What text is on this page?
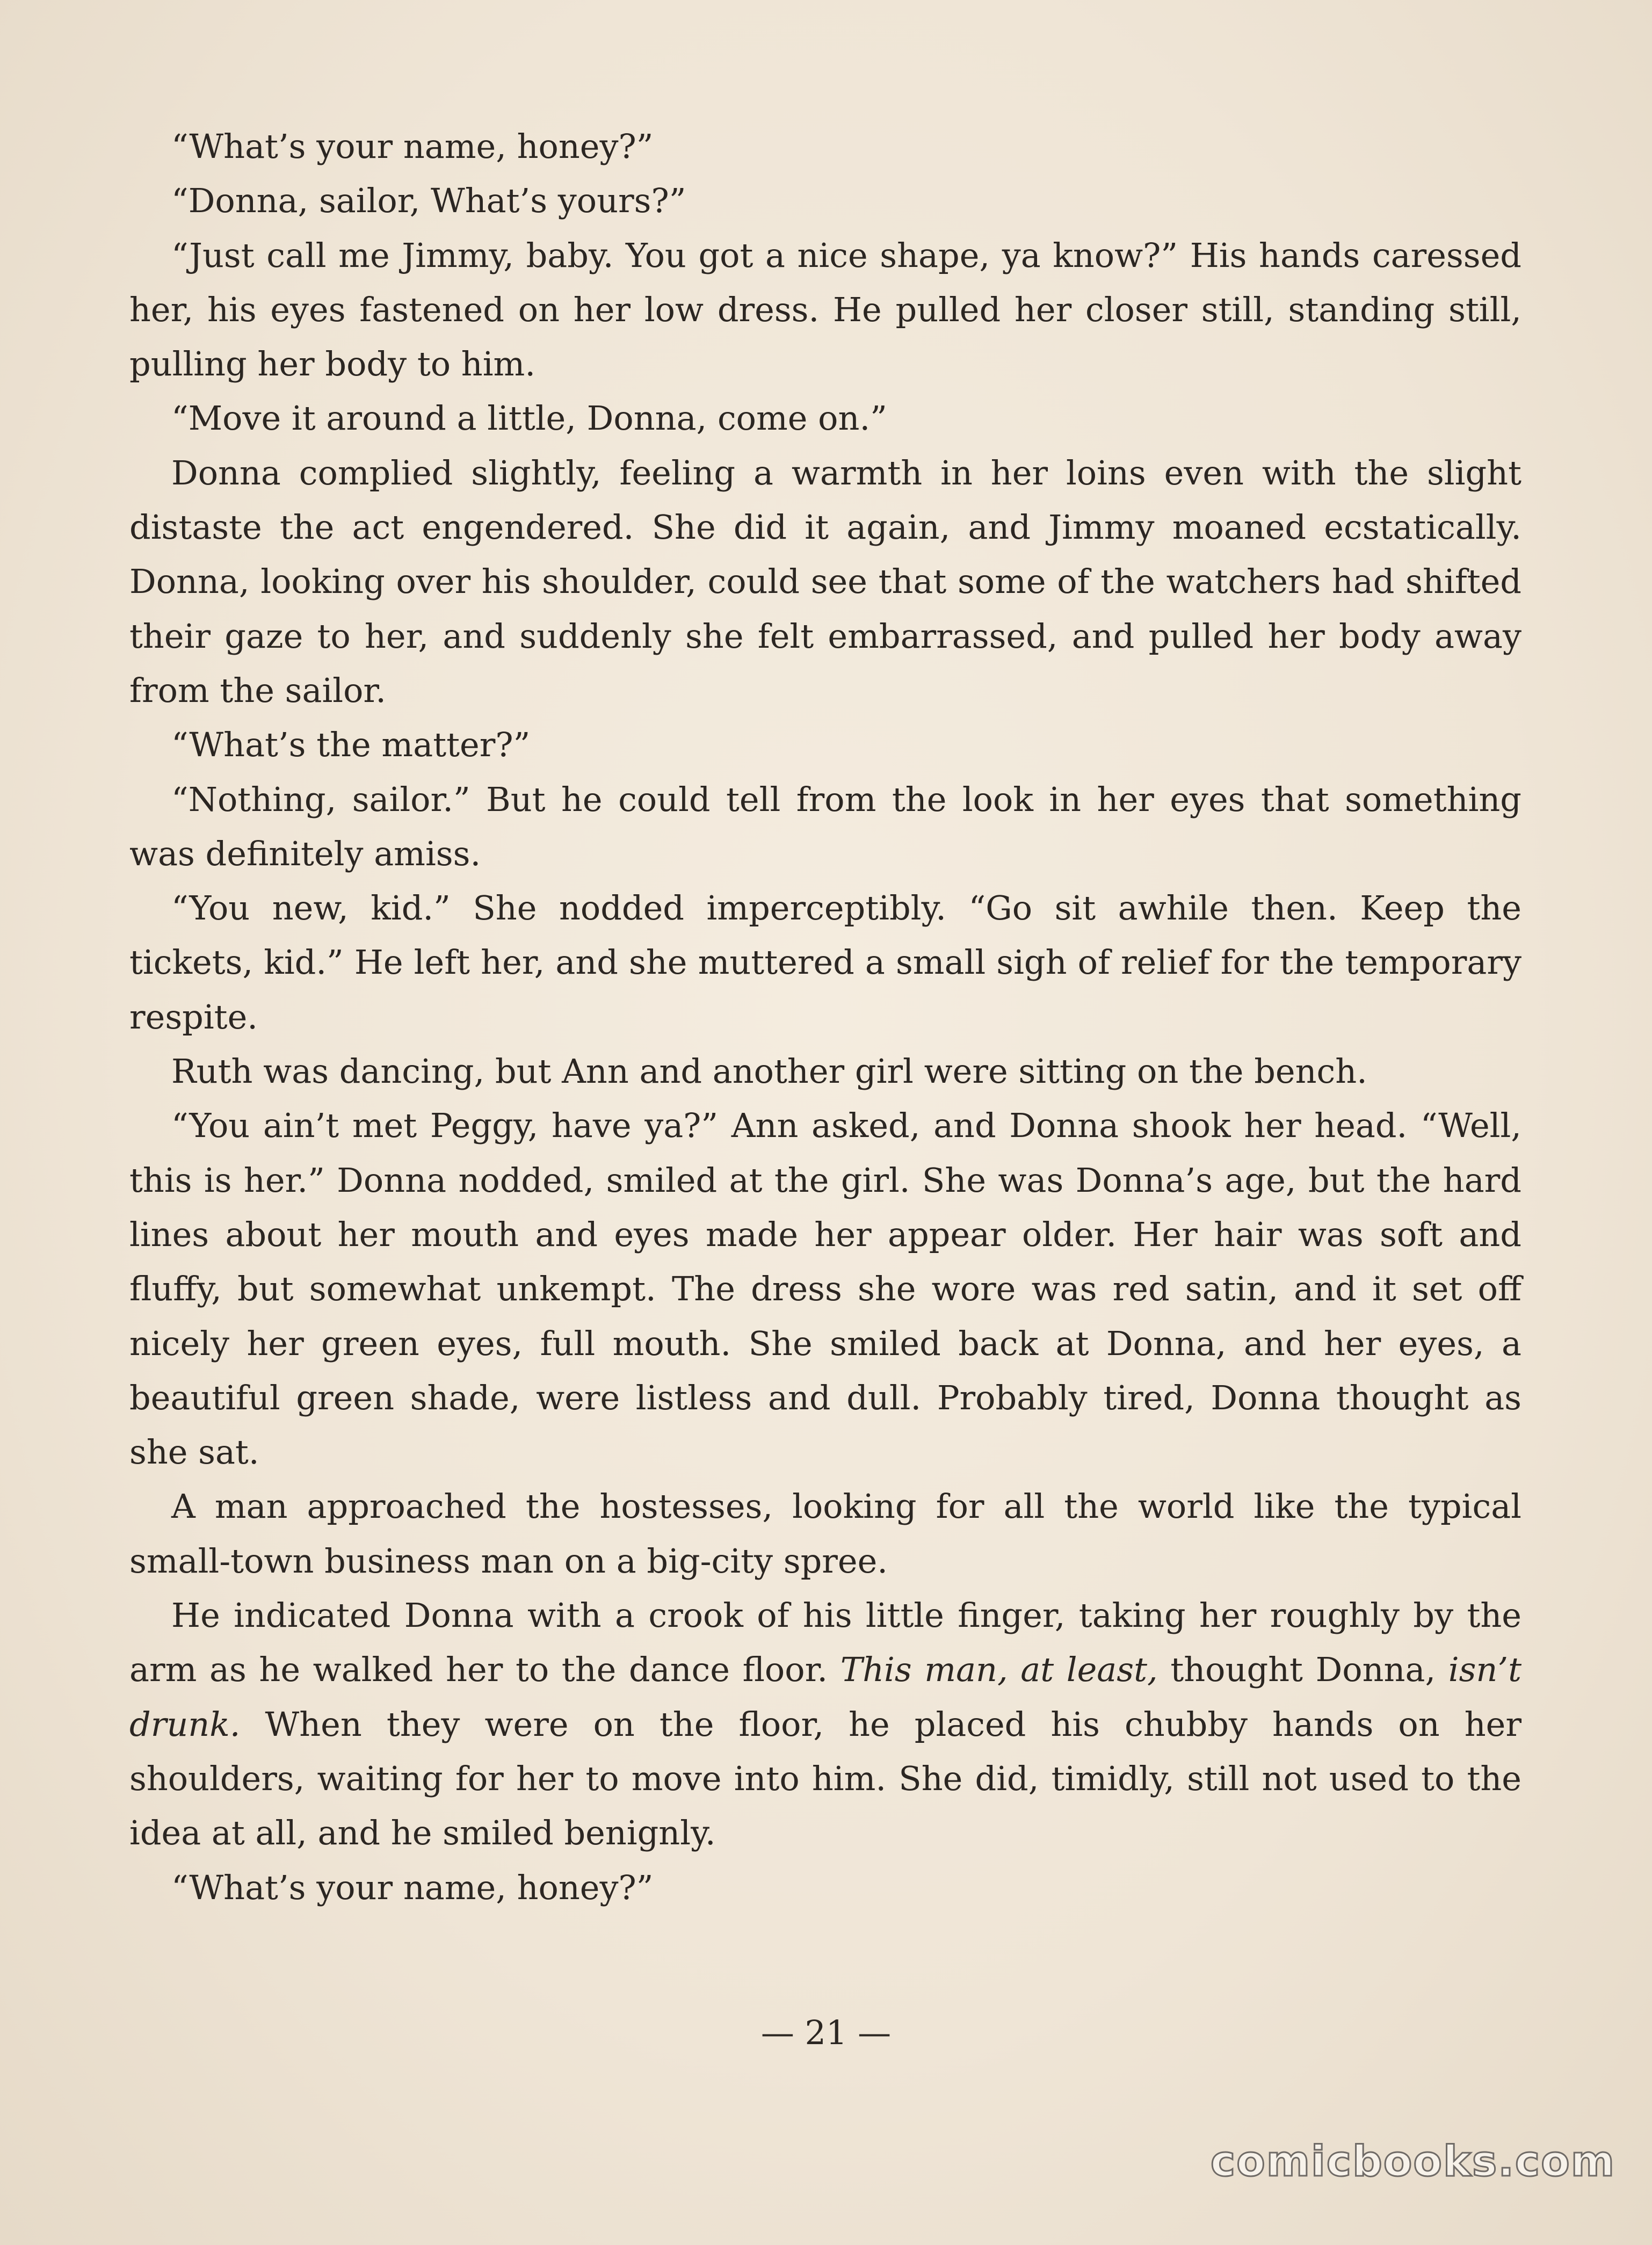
“What’s your name, honey?”

“Donna, sailor, What’s yours?”

“Just call me Jimmy, baby. You got a nice shape, ya know?” His hands caressed her, his eyes fastened on her low dress. He pulled her closer still, standing still, pulling her body to him.

“Move it around a little, Donna, come on.”

Donna complied slightly, feeling a warmth in her loins even with the slight distaste the act engendered. She did it again, and Jimmy moaned ecstatically. Donna, looking over his shoulder, could see that some of the watchers had shifted their gaze to her, and suddenly she felt embarrassed, and pulled her body away from the sailor.

“What’s the matter?”

“Nothing, sailor.” But he could tell from the look in her eyes that something was definitely amiss.

“You new, kid.” She nodded imperceptibly. “Go sit awhile then. Keep the tickets, kid.” He left her, and she muttered a small sigh of relief for the temporary respite.

Ruth was dancing, but Ann and another girl were sitting on the bench.

“You ain’t met Peggy, have ya?” Ann asked, and Donna shook her head. “Well, this is her.” Donna nodded, smiled at the girl. She was Donna’s age, but the hard lines about her mouth and eyes made her appear older. Her hair was soft and fluffy, but somewhat unkempt. The dress she wore was red satin, and it set off nicely her green eyes, full mouth. She smiled back at Donna, and her eyes, a beautiful green shade, were listless and dull. Probably tired, Donna thought as she sat.

A man approached the hostesses, looking for all the world like the typical small-town business man on a big-city spree.

He indicated Donna with a crook of his little finger, taking her roughly by the arm as he walked her to the dance floor. This man, at least, thought Donna, isn’t drunk. When they were on the floor, he placed his chubby hands on her shoulders, waiting for her to move into him. She did, timidly, still not used to the idea at all, and he smiled benignly.

“What’s your name, honey?”

— 21 —
comicbooks.com
